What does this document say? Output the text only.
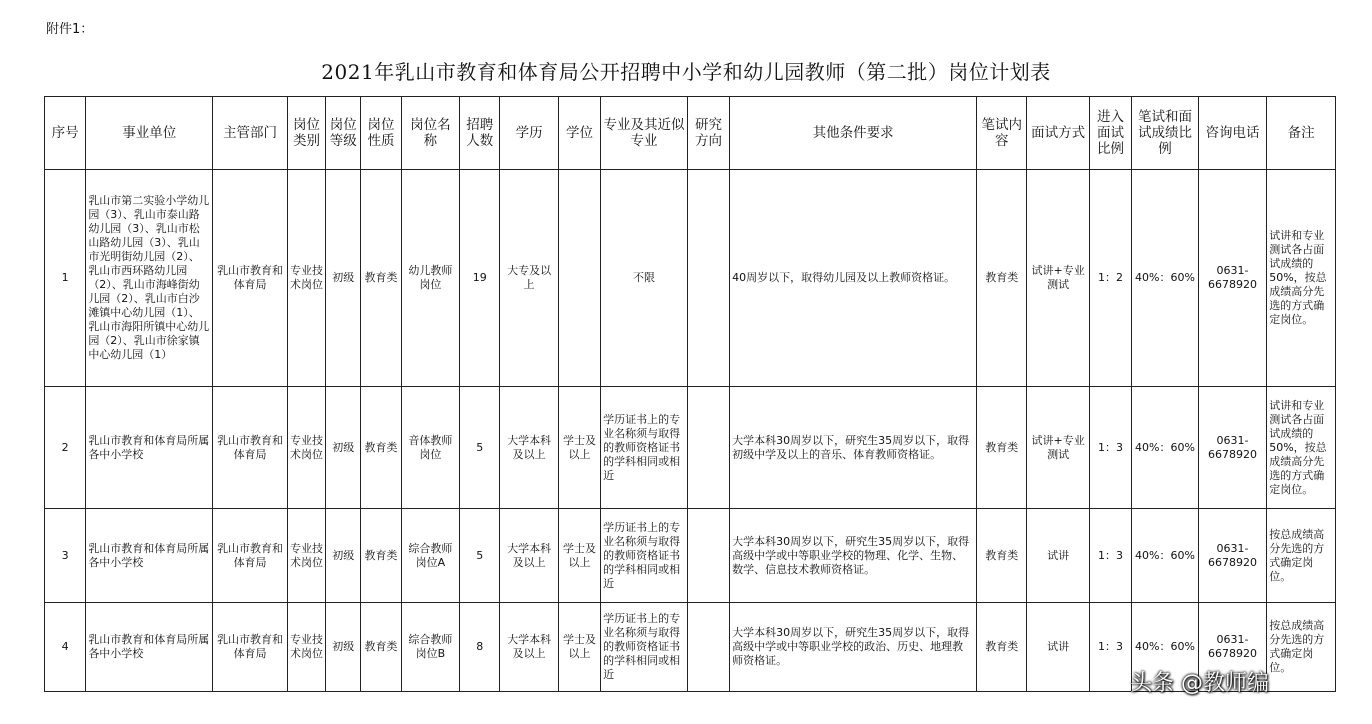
附件1：
2021年乳山市教育和体育局公开招聘中小学和幼儿园教师（第二批）岗位计划表
序号	事业单位	主管部门	岗位类别	岗位等级	岗位性质	岗位名称	招聘人数	学历	学位	专业及其近似专业	研究方向	其他条件要求	笔试内容	面试方式	进入面试比例	笔试和面试成绩比例	咨询电话	备注
1	乳山市第二实验小学幼儿园（3）、乳山市泰山路幼儿园（3）、乳山市松山路幼儿园（3）、乳山市光明街幼儿园（2）、乳山市西环路幼儿园（2）、乳山市海峰街幼儿园（2）、乳山市白沙滩镇中心幼儿园（1）、乳山市海阳所镇中心幼儿园（2）、乳山市徐家镇中心幼儿园（1）	乳山市教育和体育局	专业技术岗位	初级	教育类	幼儿教师岗位	19	大专及以上		不限		40周岁以下，取得幼儿园及以上教师资格证。	教育类	试讲+专业测试	1：2	40%：60%	0631-6678920	试讲和专业测试各占面试成绩的50%，按总成绩高分先选的方式确定岗位。
2	乳山市教育和体育局所属各中小学校	乳山市教育和体育局	专业技术岗位	初级	教育类	音体教师岗位	5	大学本科及以上	学士及以上	学历证书上的专业名称须与取得的教师资格证书的学科相同或相近		大学本科30周岁以下，研究生35周岁以下，取得初级中学及以上的音乐、体育教师资格证。	教育类	试讲+专业测试	1：3	40%：60%	0631-6678920	试讲和专业测试各占面试成绩的50%，按总成绩高分先选的方式确定岗位。
3	乳山市教育和体育局所属各中小学校	乳山市教育和体育局	专业技术岗位	初级	教育类	综合教师岗位A	5	大学本科及以上	学士及以上	学历证书上的专业名称须与取得的教师资格证书的学科相同或相近		大学本科30周岁以下，研究生35周岁以下，取得高级中学或中等职业学校的物理、化学、生物、数学、信息技术教师资格证。	教育类	试讲	1：3	40%：60%	0631-6678920	按总成绩高分先选的方式确定岗位。
4	乳山市教育和体育局所属各中小学校	乳山市教育和体育局	专业技术岗位	初级	教育类	综合教师岗位B	8	大学本科及以上	学士及以上	学历证书上的专业名称须与取得的教师资格证书的学科相同或相近		大学本科30周岁以下，研究生35周岁以下，取得高级中学或中等职业学校的政治、历史、地理教师资格证。	教育类	试讲	1：3	40%：60%	0631-6678920	按总成绩高分先选的方式确定岗位。
头条 @教师编
